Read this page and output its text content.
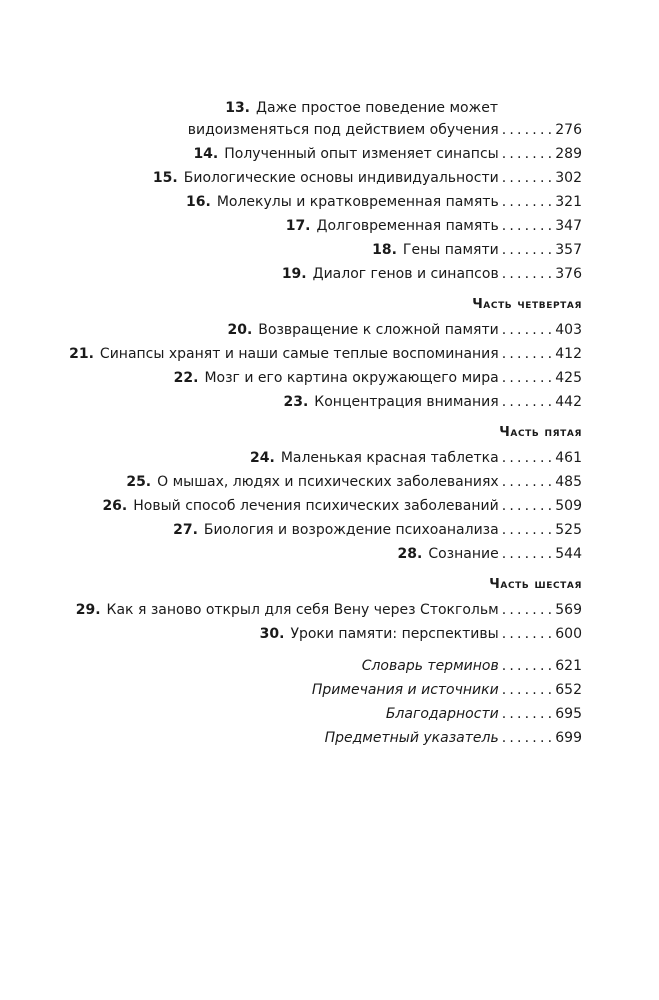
13. Даже простое поведение может
видоизменяться под действием обучения ....... 276
14. Полученный опыт изменяет синапсы ....... 289
15. Биологические основы индивидуальности ....... 302
16. Молекулы и кратковременная память ....... 321
17. Долговременная память ....... 347
18. Гены памяти ....... 357
19. Диалог генов и синапсов ....... 376
Часть четвертая
20. Возвращение к сложной памяти ....... 403
21. Синапсы хранят и наши самые теплые воспоминания ....... 412
22. Мозг и его картина окружающего мира ....... 425
23. Концентрация внимания ....... 442
Часть пятая
24. Маленькая красная таблетка ....... 461
25. О мышах, людях и психических заболеваниях ....... 485
26. Новый способ лечения психических заболеваний ....... 509
27. Биология и возрождение психоанализа ....... 525
28. Сознание ....... 544
Часть шестая
29. Как я заново открыл для себя Вену через Стокгольм ....... 569
30. Уроки памяти: перспективы ....... 600
Словарь терминов ....... 621
Примечания и источники ....... 652
Благодарности ....... 695
Предметный указатель ....... 699
